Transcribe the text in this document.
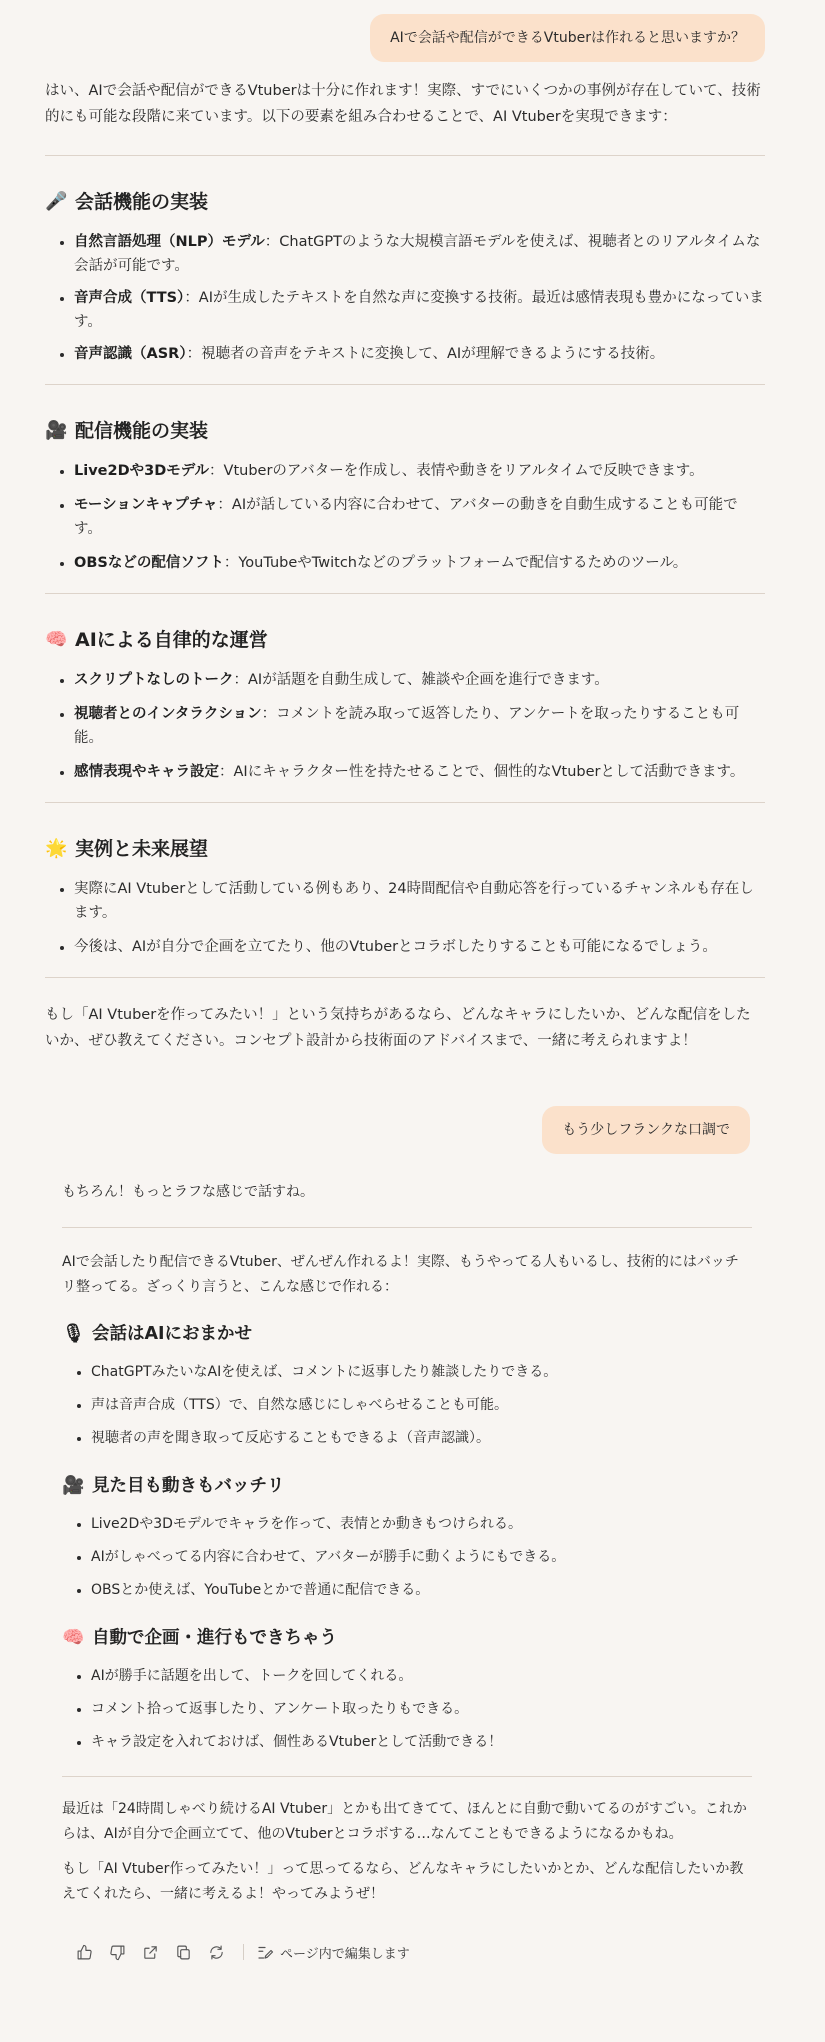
AIで会話や配信ができるVtuberは作れると思いますか？

はい、AIで会話や配信ができるVtuberは十分に作れます！実際、すでにいくつかの事例が存在していて、技術的にも可能な段階に来ています。以下の要素を組み合わせることで、AI Vtuberを実現できます：

🎤 会話機能の実装
• 自然言語処理（NLP）モデル：ChatGPTのような大規模言語モデルを使えば、視聴者とのリアルタイムな会話が可能です。
• 音声合成（TTS）：AIが生成したテキストを自然な声に変換する技術。最近は感情表現も豊かになっています。
• 音声認識（ASR）：視聴者の音声をテキストに変換して、AIが理解できるようにする技術。
🎥 配信機能の実装
• Live2Dや3Dモデル：Vtuberのアバターを作成し、表情や動きをリアルタイムで反映できます。
• モーションキャプチャ：AIが話している内容に合わせて、アバターの動きを自動生成することも可能です。
• OBSなどの配信ソフト：YouTubeやTwitchなどのプラットフォームで配信するためのツール。
🧠 AIによる自律的な運営
• スクリプトなしのトーク：AIが話題を自動生成して、雑談や企画を進行できます。
• 視聴者とのインタラクション：コメントを読み取って返答したり、アンケートを取ったりすることも可能。
• 感情表現やキャラ設定：AIにキャラクター性を持たせることで、個性的なVtuberとして活動できます。
🌟 実例と未来展望
• 実際にAI Vtuberとして活動している例もあり、24時間配信や自動応答を行っているチャンネルも存在します。
• 今後は、AIが自分で企画を立てたり、他のVtuberとコラボしたりすることも可能になるでしょう。

もし「AI Vtuberを作ってみたい！」という気持ちがあるなら、どんなキャラにしたいか、どんな配信をしたいか、ぜひ教えてください。コンセプト設計から技術面のアドバイスまで、一緒に考えられますよ！

もう少しフランクな口調で

もちろん！もっとラフな感じで話すね。

AIで会話したり配信できるVtuber、ぜんぜん作れるよ！実際、もうやってる人もいるし、技術的にはバッチリ整ってる。ざっくり言うと、こんな感じで作れる：

🎙 会話はAIにおまかせ
• ChatGPTみたいなAIを使えば、コメントに返事したり雑談したりできる。
• 声は音声合成（TTS）で、自然な感じにしゃべらせることも可能。
• 視聴者の声を聞き取って反応することもできるよ（音声認識）。
🎥 見た目も動きもバッチリ
• Live2Dや3Dモデルでキャラを作って、表情とか動きもつけられる。
• AIがしゃべってる内容に合わせて、アバターが勝手に動くようにもできる。
• OBSとか使えば、YouTubeとかで普通に配信できる。
🧠 自動で企画・進行もできちゃう
• AIが勝手に話題を出して、トークを回してくれる。
• コメント拾って返事したり、アンケート取ったりもできる。
• キャラ設定を入れておけば、個性あるVtuberとして活動できる！

最近は「24時間しゃべり続けるAI Vtuber」とかも出てきてて、ほんとに自動で動いてるのがすごい。これからは、AIが自分で企画立てて、他のVtuberとコラボする…なんてこともできるようになるかもね。

もし「AI Vtuber作ってみたい！」って思ってるなら、どんなキャラにしたいかとか、どんな配信したいか教えてくれたら、一緒に考えるよ！やってみようぜ！

ページ内で編集します
